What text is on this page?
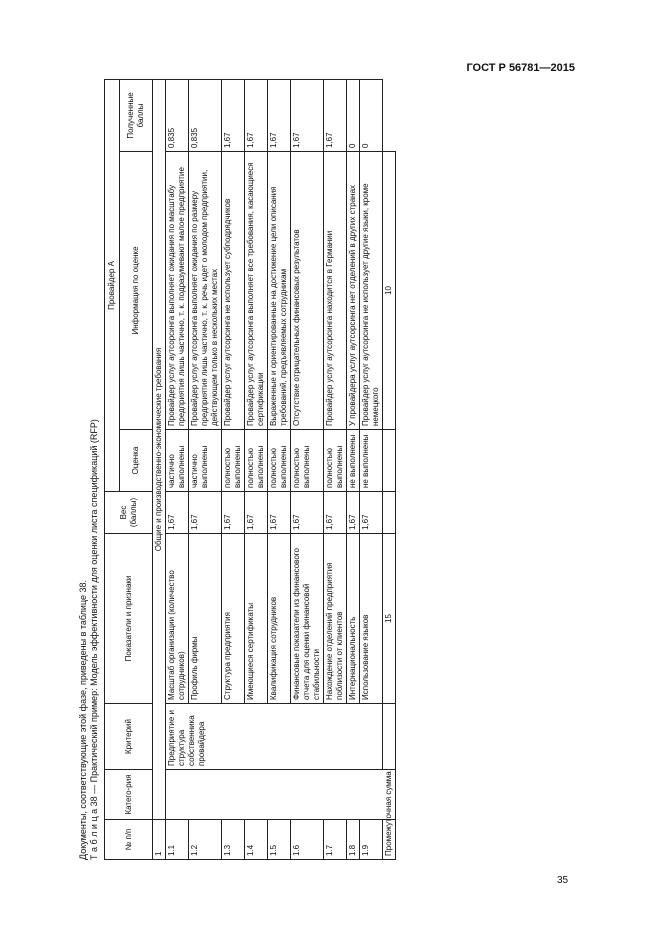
ГОСТ Р 56781—2015

Документы, соответствующие этой фазе, приведены в таблице 38. Т а б л и ц а 38 — Практический пример: Модель эффективности для оценки листа спецификаций (RFP)	№ п/п	Катего-рия	Критерий	Показатели и признаки	Вес (баллы)	Провайдер А		
					Оценка	Информация по оценке	Полученные баллы
1	Общие и производственно-экономические требования						
1.1		Предприятие и структура собственника провайдера	Масштаб организации (количество сотрудников)	1,67	частично выполнены	Провайдер услуг аутсорсинга выполняет ожидания по масштабу предприятия лишь частично, т. к. подразумевают малое предприятие	0,835
1.2			Профиль фирмы	1,67	частично выполнены	Провайдер услуг аутсорсинга выполняет ожидания по размеру предприятия лишь частично, т. к. речь идет о молодом предприятии, действующем только в нескольких местах	0,835
1.3			Структура предприятия	1,67	полностью выполнены	Провайдер услуг аутсорсинга не использует субподрядчиков	1,67
1.4			Имеющиеся сертификаты	1,67	полностью выполнены	Провайдер услуг аутсорсинга выполняет все требования, касающиеся сертификации	1,67
1.5			Квалификация сотрудников	1,67	полностью выполнены	Выраженные и ориентированные на достижение цели описания требований, предъявляемых сотрудникам	1,67
1.6			Финансовые показатели из финансового отчета для оценки финансовой стабильности	1,67	полностью выполнены	Отсутствие отрицательных финансовых результатов	1,67
1.7			Нахождение отделений предприятия поблизости от клиентов	1,67	полностью выполнены	Провайдер услуг аутсорсинга находится в Германии	1,67
1.8			Интернациональность	1,67	не выполнены	У провайдера услуг аутсорсинга нет отделений в других странах	0
1.9			Использование языков	1,67	не выполнены	Провайдер услуг аутсорсинга не использует другие языки, кроме немецкого	0
Промежуточная сумма			15			10	
35
